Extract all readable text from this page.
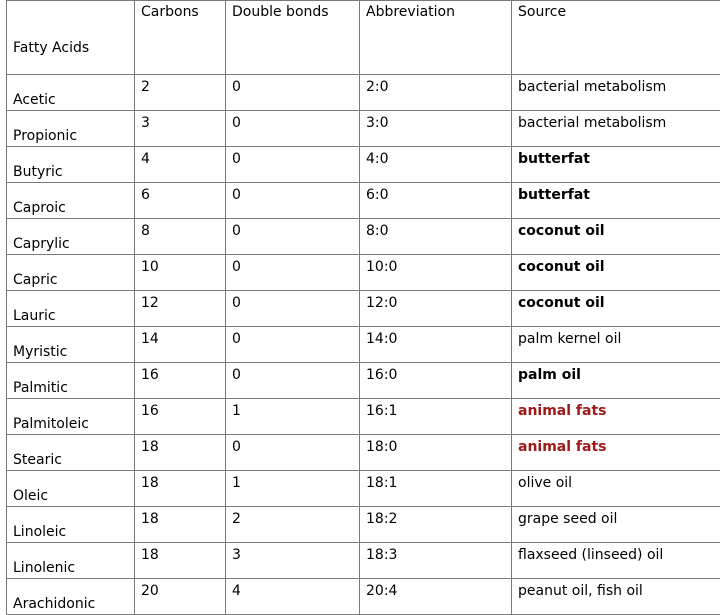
Fatty Acids	Carbons	Double bonds	Abbreviation	Source
Acetic	2	0	2:0	bacterial metabolism
Propionic	3	0	3:0	bacterial metabolism
Butyric	4	0	4:0	butterfat
Caproic	6	0	6:0	butterfat
Caprylic	8	0	8:0	coconut oil
Capric	10	0	10:0	coconut oil
Lauric	12	0	12:0	coconut oil
Myristic	14	0	14:0	palm kernel oil
Palmitic	16	0	16:0	palm oil
Palmitoleic	16	1	16:1	animal fats
Stearic	18	0	18:0	animal fats
Oleic	18	1	18:1	olive oil
Linoleic	18	2	18:2	grape seed oil
Linolenic	18	3	18:3	flaxseed (linseed) oil
Arachidonic	20	4	20:4	peanut oil, fish oil
